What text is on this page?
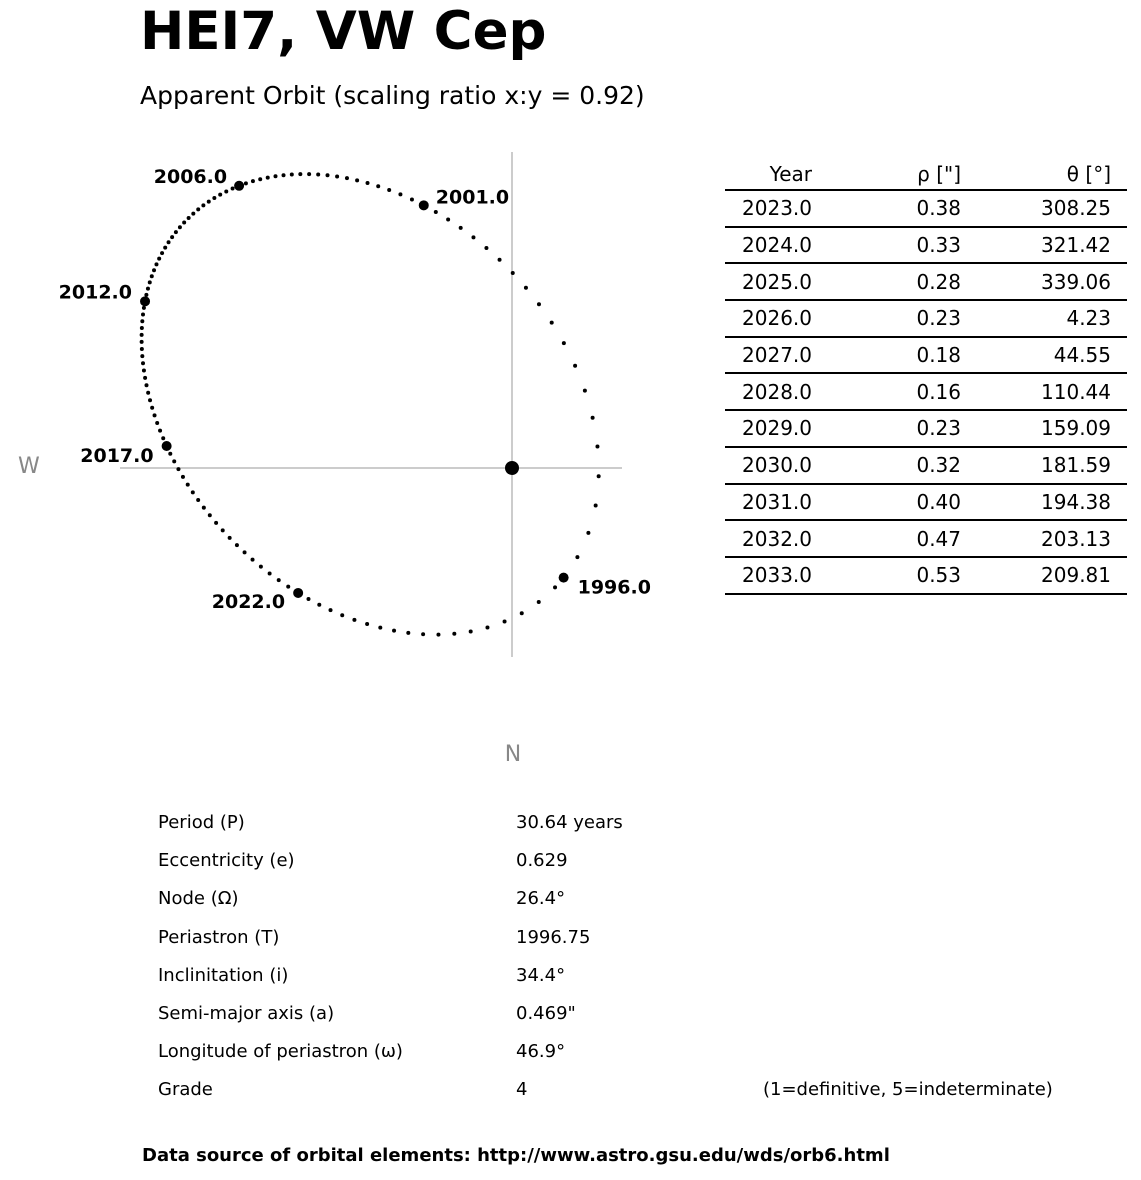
HEI7, VW Cep
Apparent Orbit (scaling ratio x:y = 0.92)
1996.0
2001.0
2006.0
2012.0
2017.0
2022.0
W
N
Year	ρ ["]	θ [°]
2023.0	0.38	308.25
2024.0	0.33	321.42
2025.0	0.28	339.06
2026.0	0.23	4.23
2027.0	0.18	44.55
2028.0	0.16	110.44
2029.0	0.23	159.09
2030.0	0.32	181.59
2031.0	0.40	194.38
2032.0	0.47	203.13
2033.0	0.53	209.81
Period (P)	30.64 years
Eccentricity (e)	0.629
Node (Ω)	26.4°
Periastron (T)	1996.75
Inclinitation (i)	34.4°
Semi-major axis (a)	0.469"
Longitude of periastron (ω)	46.9°
Grade	4	(1=definitive, 5=indeterminate)
Data source of orbital elements: http://www.astro.gsu.edu/wds/orb6.html
